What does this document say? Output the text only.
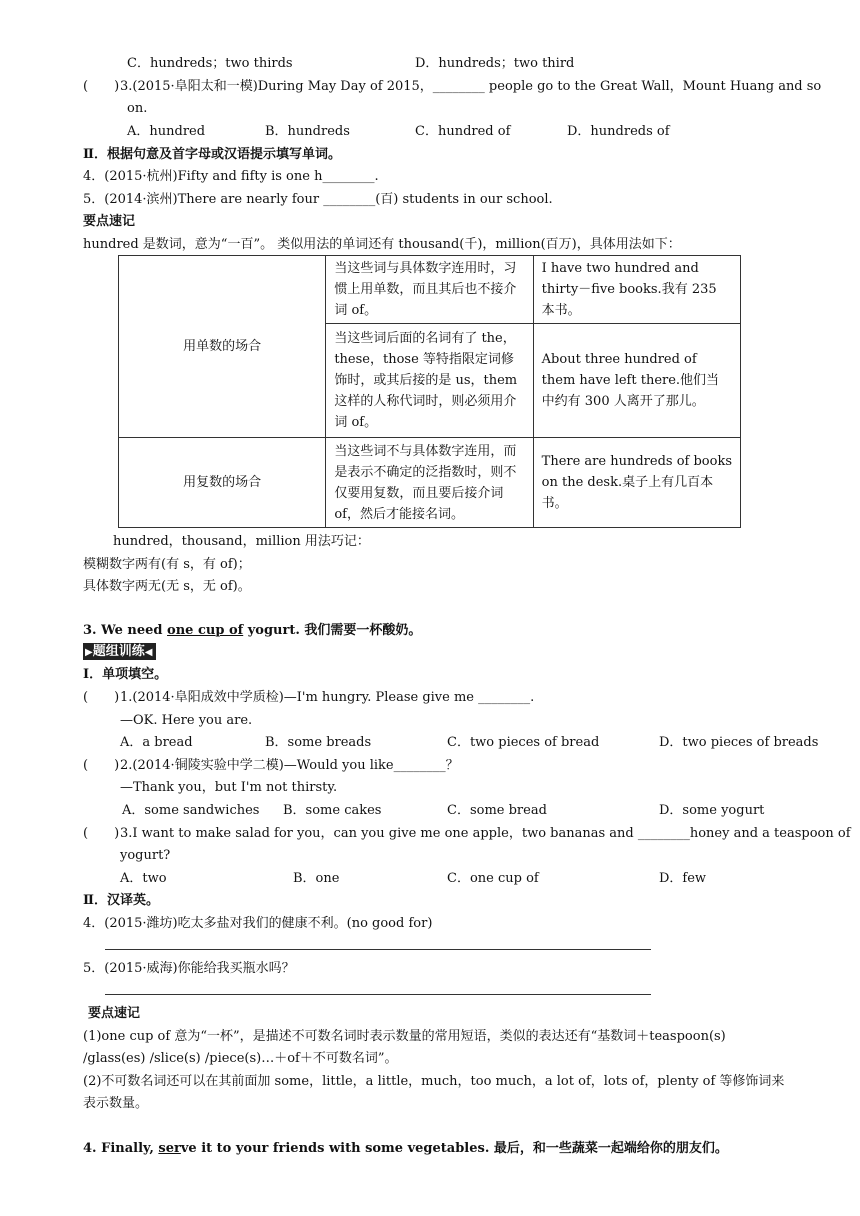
C．hundreds；two thirds	D．hundreds；two third
(　　) 3.(2015·阜阳太和一模)During May Day of 2015，________ people go to the Great Wall，Mount Huang and so
on.
A．hundred	B．hundreds	C．hundred of	D．hundreds of
Ⅱ．根据句意及首字母或汉语提示填写单词。
4．(2015·杭州)Fifty and fifty is one h________.
5．(2014·滨州)There are nearly four ________(百) students in our school.
要点速记
hundred 是数词，意为“一百”。 类似用法的单词还有 thousand(千)，million(百万)，具体用法如下：
用单数的场合	当这些词与具体数字连用时，习惯上用单数，而且其后也不接介词 of。	I have two hundred and thirty－five books.我有 235 本书。
	当这些词后面的名词有了 the，these，those 等特指限定词修饰时，或其后接的是 us，them 这样的人称代词时，则必须用介词 of。	About three hundred of them have left there.他们当中约有 300 人离开了那儿。
用复数的场合	当这些词不与具体数字连用，而是表示不确定的泛指数时，则不仅要用复数，而且要后接介词 of，然后才能接名词。	There are hundreds of books on the desk.桌子上有几百本书。
hundred，thousand，million 用法巧记：
模糊数字两有(有 s，有 of)；
具体数字两无(无 s，无 of)。
3. We need one cup of yogurt. 我们需要一杯酸奶。
▶题组训练◀
Ⅰ．单项填空。
(　　) 1.(2014·阜阳成效中学质检)—I'm hungry. Please give me ________.
—OK. Here you are.
A．a bread	B．some breads	C．two pieces of bread	D．two pieces of breads
(　　) 2.(2014·铜陵实验中学二模)—Would you like________？
—Thank you，but I'm not thirsty.
A．some sandwiches B．some cakes	C．some bread	D．some yogurt
(　　) 3.I want to make salad for you，can you give me one apple，two bananas and ________honey and a teaspoon of
yogurt?
A．two	B．one	C．one cup of	D．few
Ⅱ．汉译英。
4．(2015·潍坊)吃太多盐对我们的健康不利。(no good for)
5．(2015·威海)你能给我买瓶水吗？
要点速记
(1)one cup of 意为“一杯”，是描述不可数名词时表示数量的常用短语，类似的表达还有“基数词＋teaspoon(s)
/glass(es) /slice(s) /piece(s)…＋of＋不可数名词”。
(2)不可数名词还可以在其前面加 some，little，a little，much，too much，a lot of，lots of，plenty of 等修饰词来
表示数量。
4. Finally, serve it to your friends with some vegetables. 最后，和一些蔬菜一起端给你的朋友们。
